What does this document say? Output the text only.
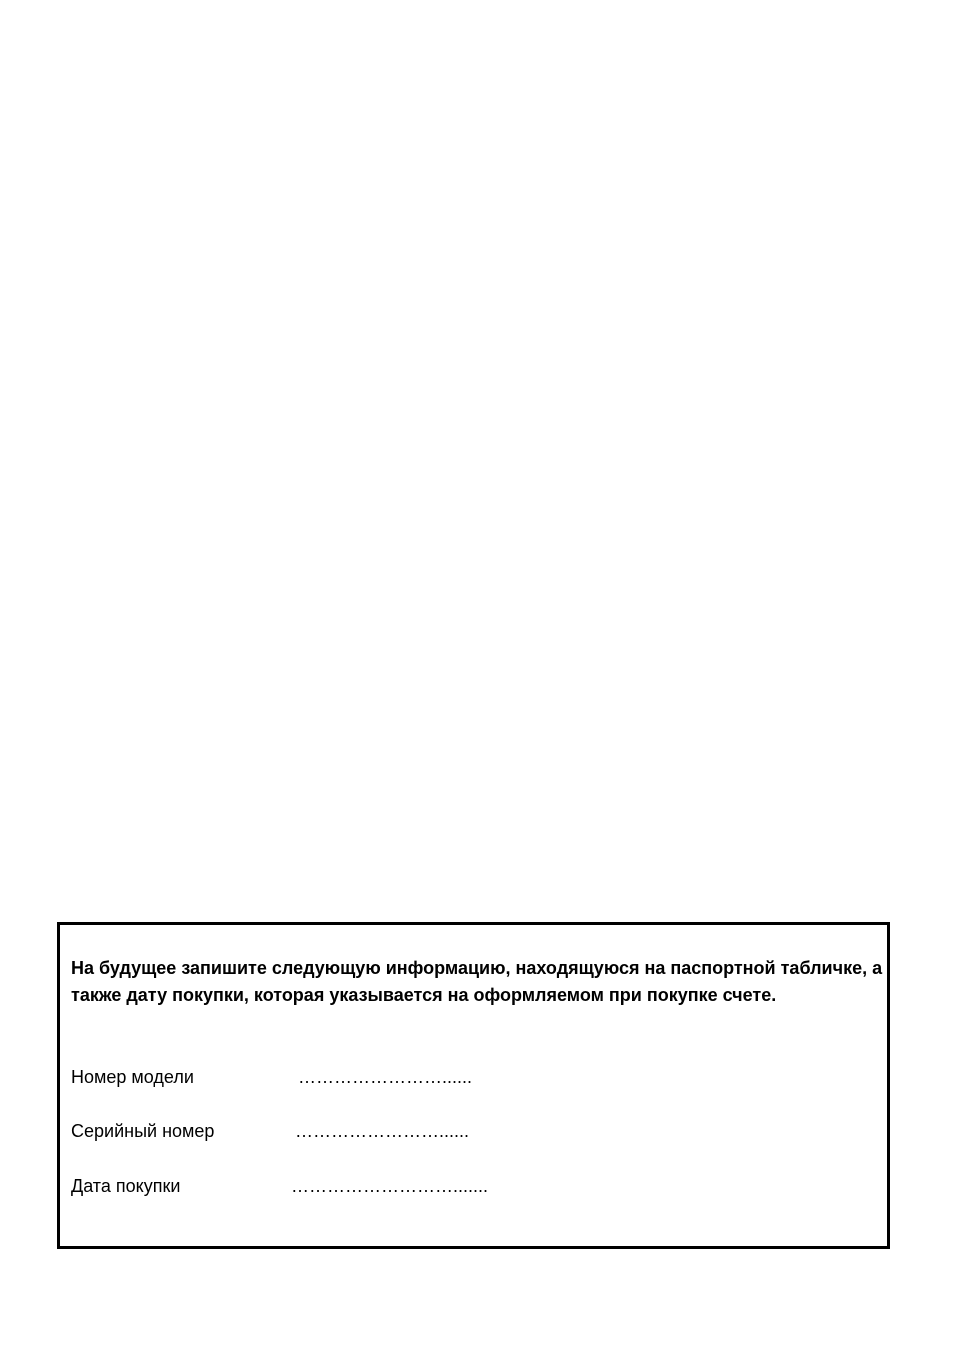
На будущее запишите следующую информацию, находящуюся на паспортной табличке, а также дату покупки, которая указывается на оформляемом при покупке счете.

Номер модели	……………………......
Серийный номер	……………………......
Дата покупки	……………………….......
